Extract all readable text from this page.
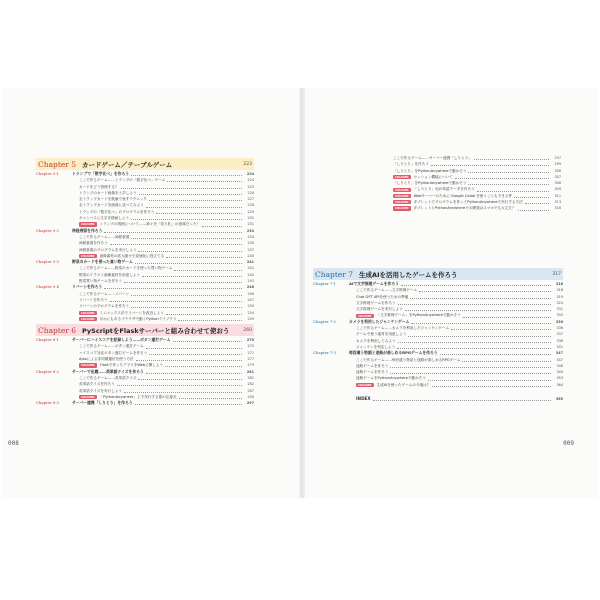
Chapter 5 カードゲーム／テーブルゲーム	223
Chapter 5-1	トランプで「数字比べ」を作ろう	224
ここで作るゲーム……トランプの「数字比べ」ゲーム	224
カードをどう管理する？	225
トランプのカード画像を入手しよう	226
全トランプカードを数値で表すテクニック	227
全トランプカードを画面に並べてみよう	228
トランプの「数字比べ」のプログラムを作ろう	229
キャンバスに文字を描画しよう	231
COLUMN	トランプの図柄について……神々を「切り札」の意味だった！	231
Chapter 5-2	神経衰弱を作ろう	234
ここで作るゲーム……神経衰弱	234
神経衰弱を作ろう	235
神経衰弱のプログラムを実行しよう	237
COLUMN	画像素材の拡大縮小で高速化に役立てる	240
Chapter 5-3	野菜のカードを使った買い物ゲーム	241
ここで作るゲーム……野菜のカードを使った買い物ゲーム	241
野菜のイラスト画像素材を用意しよう	242
野菜買い物ゲームを作ろう	243
Chapter 5-4	リバーシを作ろう	246
ここで作るゲーム……リバーシ	246
リバーシを作ろう	247
リバーシのプログラムを作ろう	250
COLUMN	ミニマックス法でリバーシを改良しよう	254
COLUMN	ほかにもあるブラウザで動くPythonライブラリ	259
Chapter 6 PyScriptをFlaskサーバーと組み合わせて使おう	260
Chapter 6-1	サーバーにハイスコアを記録しよう……ボタン連打ゲーム	270
ここで作るゲーム……ボタン連打ゲーム	270
ハイスコア対応ボタン連打ゲームを作ろう	271
Ajaxによる非同期通信を使う方法	277
COLUMN	Flaskで作ったアプリをWeb公開しよう	279
Chapter 6-2	サーバーで出題……英単語クイズを作ろう	281
ここで作るゲーム……英単語クイズ	281
英単語クイズを作ろう	282
英単語クイズを実行しよう	287
COLUMN	「PythonAnywhere」上で実行する際の注意点	290
Chapter 6-3	サーバー連携「しりとり」を作ろう	297
008
ここで作るゲーム……サーバー連携「しりとり」	297
「しりとり」を作ろう	299
「しりとり」をPythonAnywhereで動かそう	306
COLUMN	セッション機能について	307
「しりとり」をPythonAnywhereで動かそう	308
COLUMN	「しりとり」用の単語データを作ろう	309
COLUMN	Webサーバーのために Google Colab を使うこともできる件	311
COLUMN	タブレットでプログラムを作ってPythonAnywhereで実行する方法	313
COLUMN	タブレットとPythonAnywhereでの開発はスマホでも大丈夫？	316
Chapter 7 生成AIを活用したゲームを作ろう	317
Chapter 7-1	AIで文字推理ゲームを作ろう	318
ここで作るゲーム……文字推理ゲーム	318
Chat GPT APIを使うための準備	319
文字推理ゲームを作ろう	324
文字推理ゲームを実行しよう	331
COLUMN	「文字推理ゲーム」をPythonAnywhereで動かそう	333
Chapter 7-2	カメラを利用したジャンケンゲーム	336
ここで作るゲーム……カメラを利用したジャンケンゲーム	336
ゲームで使う素材を用意しよう	337
カメラを利用してみよう	338
ジャンケンを判定しよう	341
Chapter 7-3	毎回違う物語と迷路が楽しめるRPGゲームを作ろう	347
ここで作るゲーム……毎回違う物語と迷路が楽しめるRPGゲーム	347
迷路ゲームを作ろう	348
迷路ゲームを作ろう	349
迷路ゲームをPythonAnywhereで動かそう	353
COLUMN	生成AIを使ったゲームの今後は？	364
INDEX	365
009
